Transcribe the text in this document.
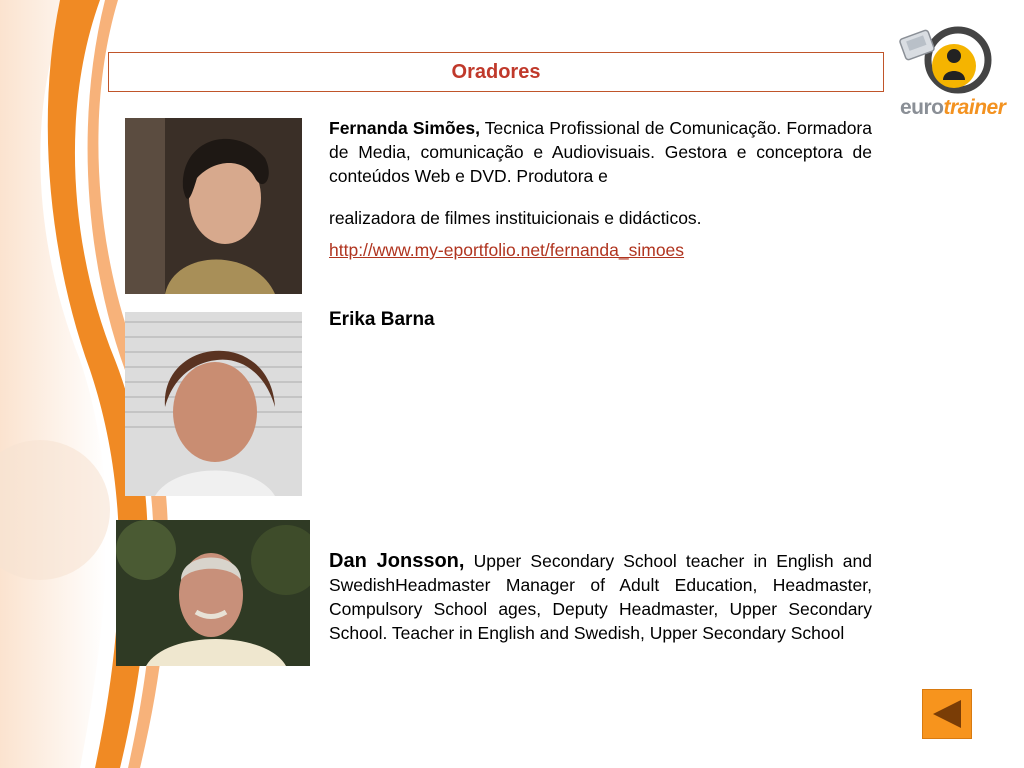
Oradores
eurotrainer
Fernanda Simões, Tecnica Profissional de Comunicação. Formadora de Media, comunicação e Audiovisuais. Gestora e conceptora de conteúdos Web e DVD. Produtora e
realizadora de filmes instituicionais e didácticos.
http://www.my-eportfolio.net/fernanda_simoes
Erika Barna
Dan Jonsson, Upper Secondary School teacher in English and SwedishHeadmaster Manager of Adult Education, Headmaster, Compulsory School ages, Deputy Headmaster, Upper Secondary School. Teacher in English and Swedish, Upper Secondary School
